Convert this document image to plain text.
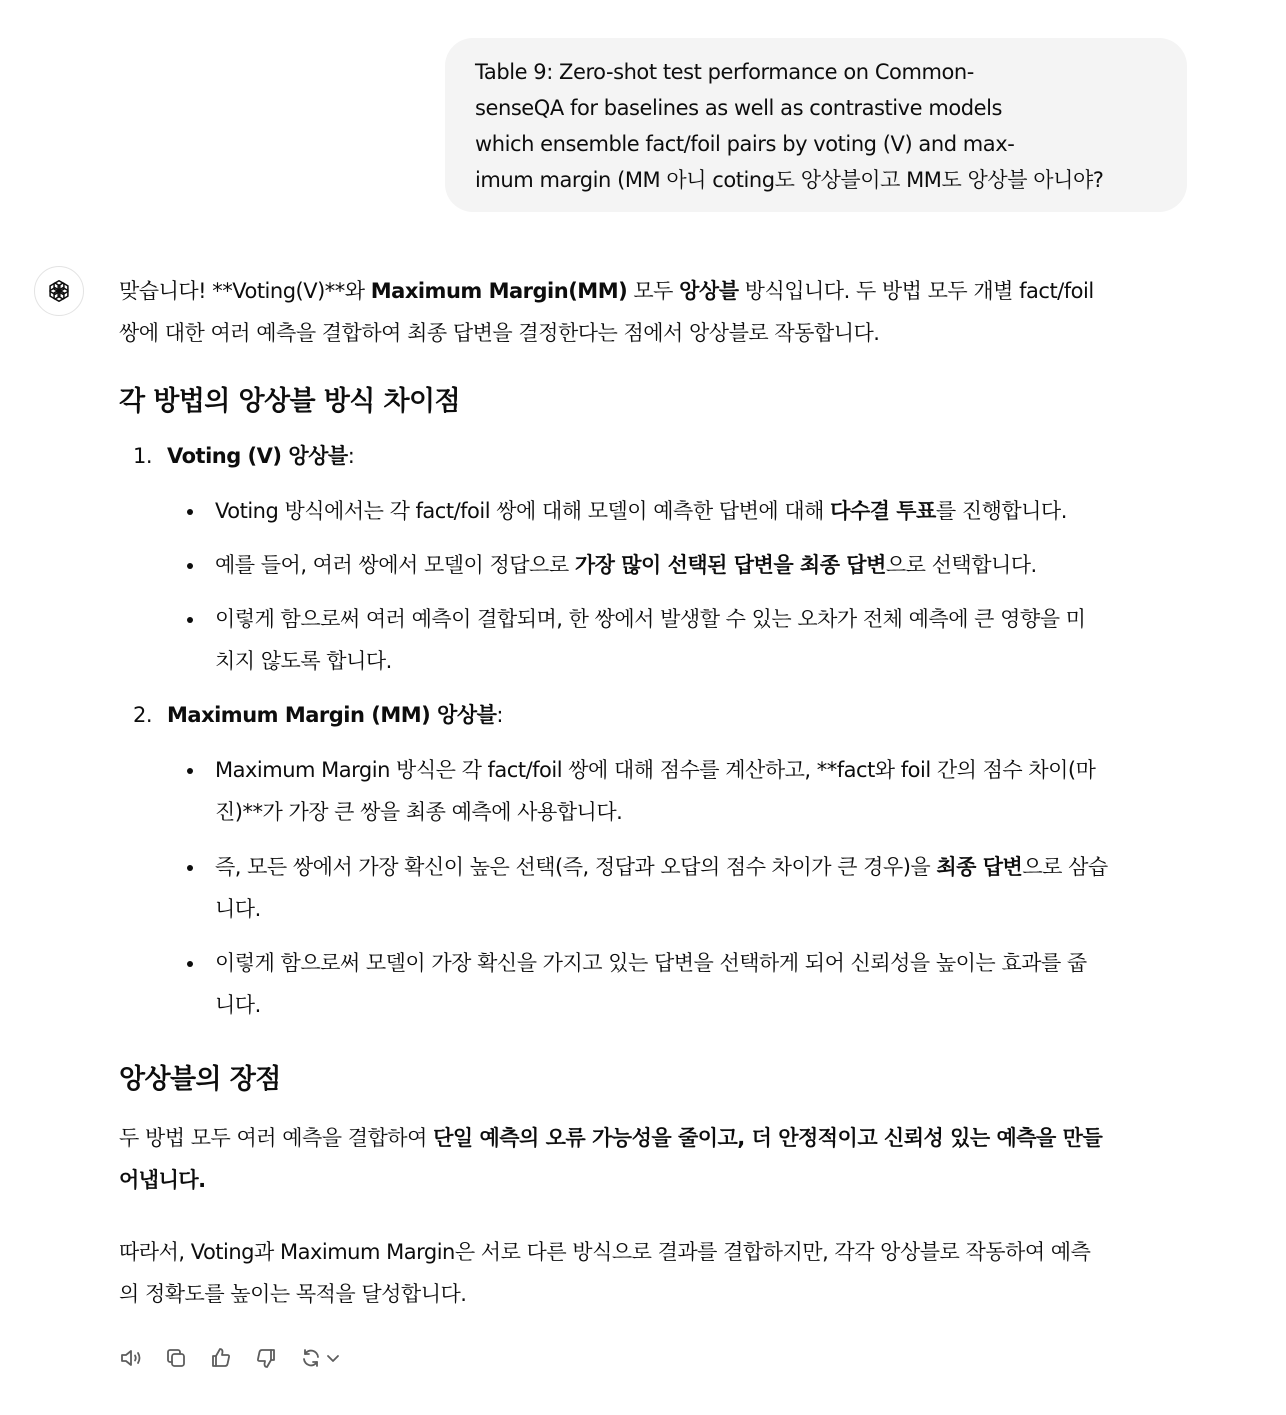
Table 9: Zero-shot test performance on Common-
senseQA for baselines as well as contrastive models
which ensemble fact/foil pairs by voting (V) and max-
imum margin (MM 아니 coting도 앙상블이고 MM도 앙상블 아니야?
맞습니다! **Voting(V)**와 Maximum Margin(MM) 모두 앙상블 방식입니다. 두 방법 모두 개별 fact/foil
쌍에 대한 여러 예측을 결합하여 최종 답변을 결정한다는 점에서 앙상블로 작동합니다.
각 방법의 앙상블 방식 차이점
1. Voting (V) 앙상블:
Voting 방식에서는 각 fact/foil 쌍에 대해 모델이 예측한 답변에 대해 다수결 투표를 진행합니다.
예를 들어, 여러 쌍에서 모델이 정답으로 가장 많이 선택된 답변을 최종 답변으로 선택합니다.
이렇게 함으로써 여러 예측이 결합되며, 한 쌍에서 발생할 수 있는 오차가 전체 예측에 큰 영향을 미
치지 않도록 합니다.
2. Maximum Margin (MM) 앙상블:
Maximum Margin 방식은 각 fact/foil 쌍에 대해 점수를 계산하고, **fact와 foil 간의 점수 차이(마
진)**가 가장 큰 쌍을 최종 예측에 사용합니다.
즉, 모든 쌍에서 가장 확신이 높은 선택(즉, 정답과 오답의 점수 차이가 큰 경우)을 최종 답변으로 삼습
니다.
이렇게 함으로써 모델이 가장 확신을 가지고 있는 답변을 선택하게 되어 신뢰성을 높이는 효과를 줍
니다.
앙상블의 장점
두 방법 모두 여러 예측을 결합하여 단일 예측의 오류 가능성을 줄이고, 더 안정적이고 신뢰성 있는 예측을 만들
어냅니다.
따라서, Voting과 Maximum Margin은 서로 다른 방식으로 결과를 결합하지만, 각각 앙상블로 작동하여 예측
의 정확도를 높이는 목적을 달성합니다.
